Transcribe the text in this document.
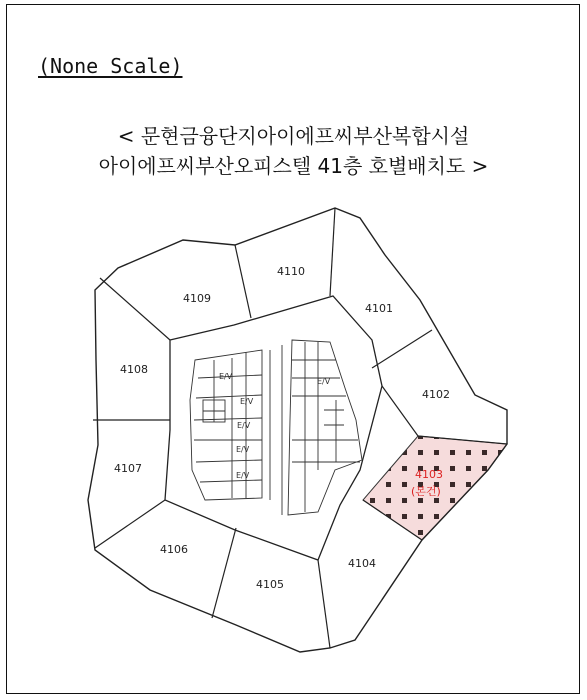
(None Scale)
< 문현금융단지아이에프씨부산복합시설
아이에프씨부산오피스텔 41층 호별배치도 >
E/V
E/V
E/V
E/V
E/V
E/V
4101
4102
4103
(본건)
4104
4105
4106
4107
4108
4109
4110
